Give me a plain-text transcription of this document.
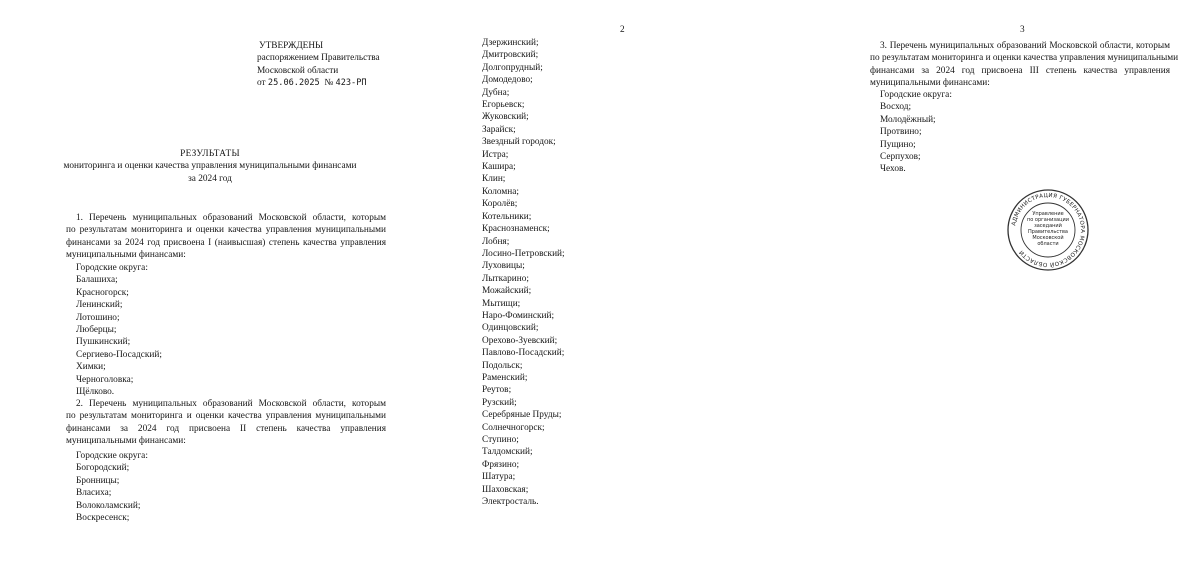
УТВЕРЖДЕНЫ
распоряжением Правительства
Московской области
от 25.06.2025 № 423-РП
РЕЗУЛЬТАТЫ
мониторинга и оценки качества управления муниципальными финансами
за 2024 год
1. Перечень муниципальных образований Московской области, которым
по результатам мониторинга и оценки качества управления муниципальными
финансами за 2024 год присвоена I (наивысшая) степень качества управления
муниципальными финансами:
Городские округа:
Балашиха;
Красногорск;
Ленинский;
Лотошино;
Люберцы;
Пушкинский;
Сергиево-Посадский;
Химки;
Черноголовка;
Щёлково.
2. Перечень муниципальных образований Московской области, которым
по результатам мониторинга и оценки качества управления муниципальными
финансами за 2024 год присвоена II степень качества управления
муниципальными финансами:
Городские округа:
Богородский;
Бронницы;
Власиха;
Волоколамский;
Воскресенск;
2
Дзержинский;
Дмитровский;
Долгопрудный;
Домодедово;
Дубна;
Егорьевск;
Жуковский;
Зарайск;
Звездный городок;
Истра;
Кашира;
Клин;
Коломна;
Королёв;
Котельники;
Краснознаменск;
Лобня;
Лосино-Петровский;
Луховицы;
Лыткарино;
Можайский;
Мытищи;
Наро-Фоминский;
Одинцовский;
Орехово-Зуевский;
Павлово-Посадский;
Подольск;
Раменский;
Реутов;
Рузский;
Серебряные Пруды;
Солнечногорск;
Ступино;
Талдомский;
Фрязино;
Шатура;
Шаховская;
Электросталь.
3
3. Перечень муниципальных образований Московской области, которым
по результатам мониторинга и оценки качества управления муниципальными
финансами за 2024 год присвоена III степень качества управления
муниципальными финансами:
Городские округа:
Восход;
Молодёжный;
Протвино;
Пущино;
Серпухов;
Чехов.
АДМИНИСТРАЦИЯ ГУБЕРНАТОРА МОСКОВСКОЙ ОБЛАСТИ
Управление
по организации
заседаний
Правительства
Московской
области
